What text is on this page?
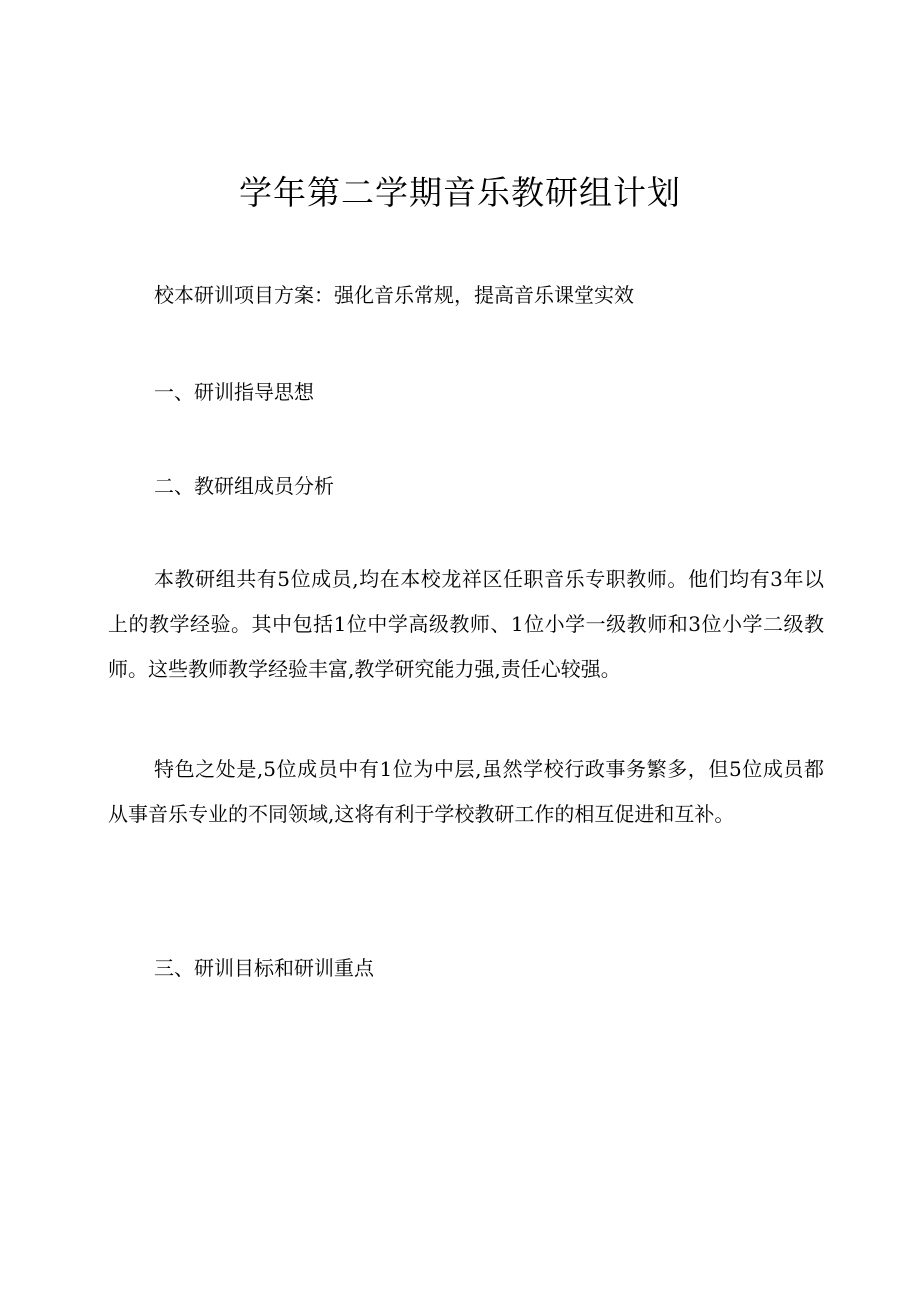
学年第二学期音乐教研组计划
校本研训项目方案：强化音乐常规，提高音乐课堂实效
一、研训指导思想
二、教研组成员分析
本教研组共有5位成员,均在本校龙祥区任职音乐专职教师。他们均有3年以上的教学经验。其中包括1位中学高级教师、1位小学一级教师和3位小学二级教师。这些教师教学经验丰富,教学研究能力强,责任心较强。
特色之处是,5位成员中有1位为中层,虽然学校行政事务繁多，但5位成员都从事音乐专业的不同领域,这将有利于学校教研工作的相互促进和互补。
三、研训目标和研训重点
